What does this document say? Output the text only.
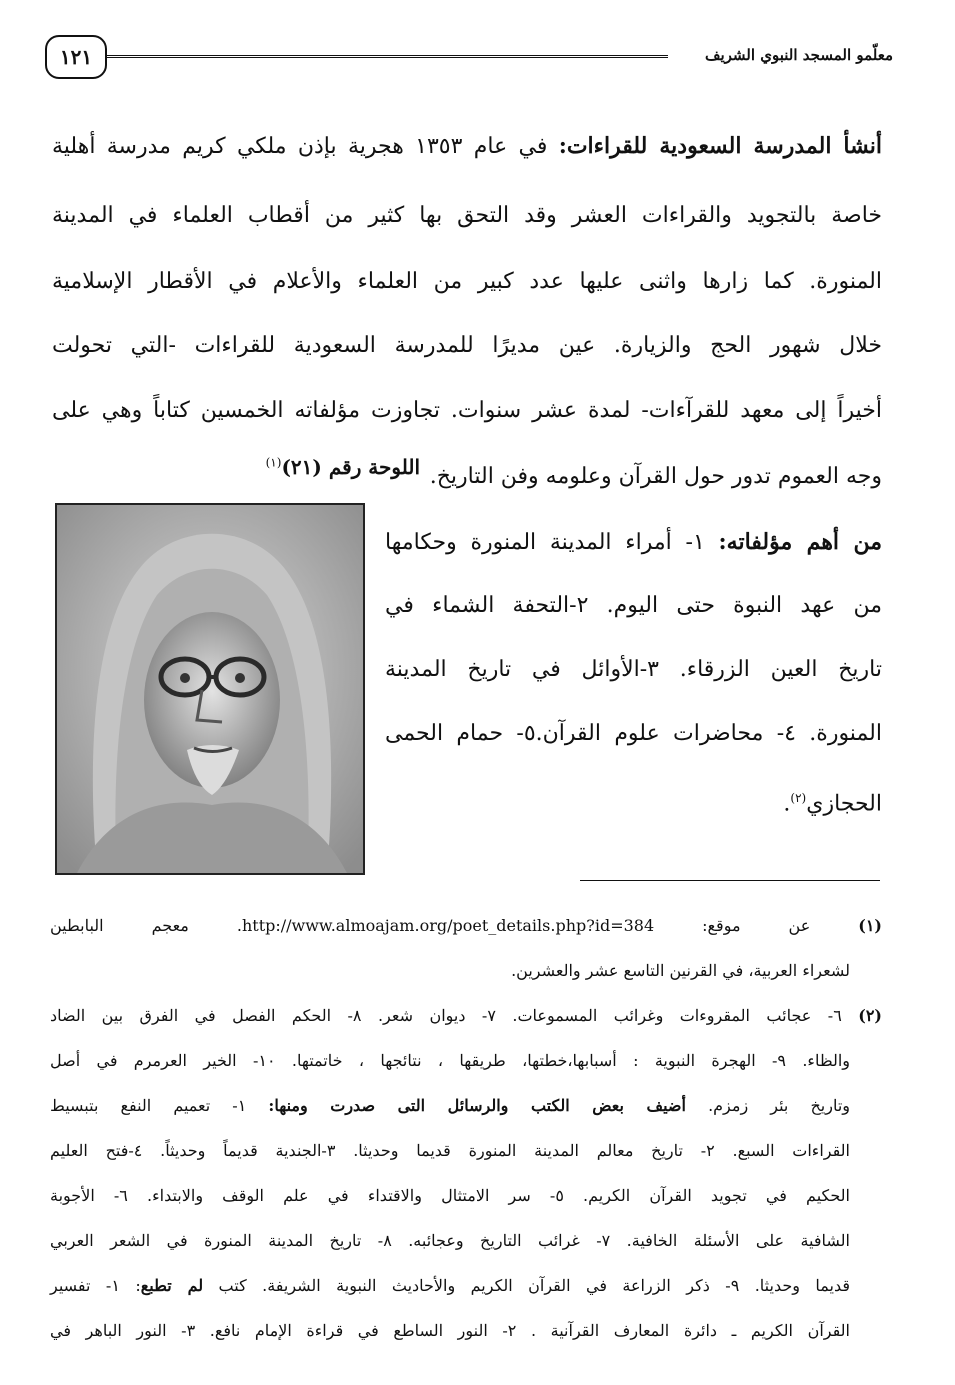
معلّمو المسجد النبوي الشريف
١٢١
أنشأ المدرسة السعودية للقراءات: في عام ١٣٥٣ هجرية بإذن ملكي كريم مدرسة أهلية
خاصة بالتجويد والقراءات العشر وقد التحق بها كثير من أقطاب العلماء في المدينة
المنورة. كما زارها واثنى عليها عدد كبير من العلماء والأعلام في الأقطار الإسلامية
خلال شهور الحج والزيارة. عين مديرًا للمدرسة السعودية للقراءات -التي تحولت
أخيراً إلى معهد للقرآءات- لمدة عشر سنوات. تجاوزت مؤلفاته الخمسين كتاباً وهي على
وجه العموم تدور حول القرآن وعلومه وفن التاريخ.
اللوحة رقم (٢١)$^{(١)}$
من أهم مؤلفاته: ١- أمراء المدينة المنورة وحكامها
من عهد النبوة حتى اليوم. ٢-التحفة الشماء في
تاريخ العين الزرقاء. ٣-الأوائل في تاريخ المدينة
المنورة. ٤- محاضرات علوم القرآن.٥- حمام الحمى
الحجازي$^{(٢)}$.
(١) عن موقع: http://www.almoajam.org/poet_details.php?id=384. معجم البابطين
لشعراء العربية، في القرنين التاسع عشر والعشرين.
(٢) ٦- عجائب المقروءات وغرائب المسموعات. ٧- ديوان شعر. ٨- الحكم الفصل في الفرق بين الضاد
والظاء. ٩- الهجرة النبوية : أسبابها،خطتها، طريقها ، نتائجها ، خاتمتها. ١٠- الخير العرمرم في أصل
وتاريخ بئر زمزم. أضيف بعض الكتب والرسائل التى صدرت ومنها: ١- تعميم النفع بتبسيط
القراءات السبع. ٢- تاريخ معالم المدينة المنورة قديما وحديثا. ٣-الجندية قديماً وحديثاً. ٤-فتح العليم
الحكيم في تجويد القرآن الكريم. ٥- سر الامتثال والاقتداء في علم الوقف والابتداء. ٦- الأجوبة
الشافية على الأسئلة الخافية. ٧- غرائب التاريخ وعجائبه. ٨- تاريخ المدينة المنورة في الشعر العربي
قديما وحديثا. ٩- ذكر الزراعة في القرآن الكريم والأحاديث النبوية الشريفة. كتب لم تطبع: ١- تفسير
القرآن الكريم ـ دائرة المعارف القرآنية . ٢- النور الساطع في قراءة الإمام نافع. ٣- النور الباهر في
